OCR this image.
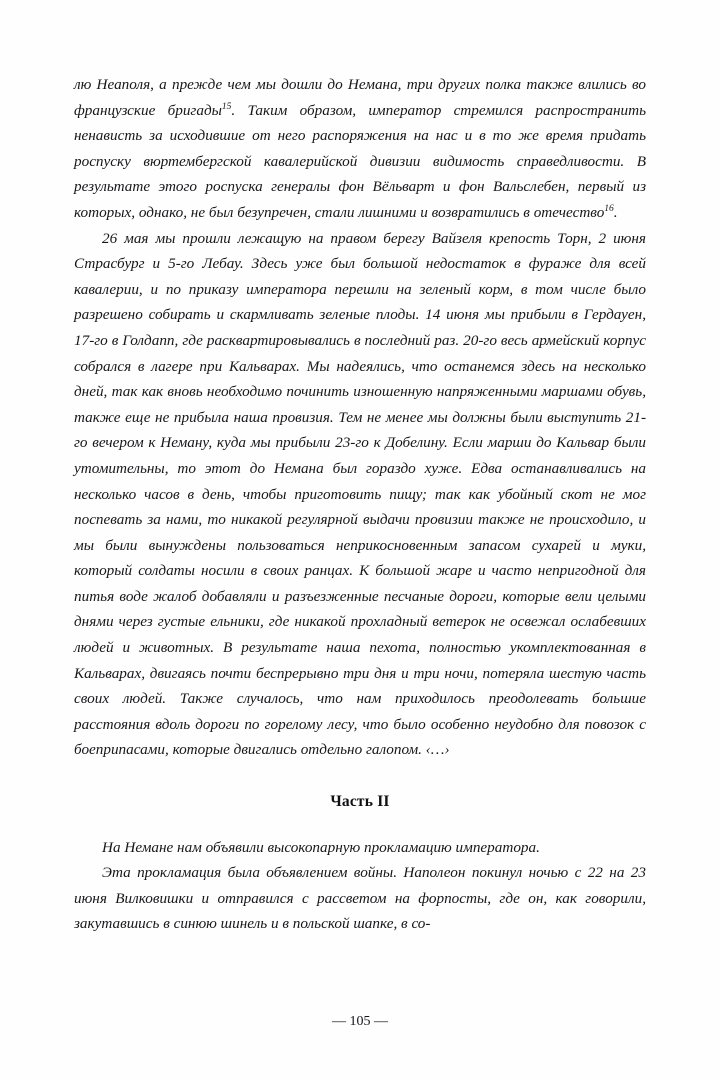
лю Неаполя, а прежде чем мы дошли до Немана, три других полка также влились во французские бригады$^{15}$. Таким образом, император стремился распространить ненависть за исходившие от него распоряжения на нас и в то же время придать роспуску вюртембергской кавалерийской дивизии видимость справедливости. В результате этого роспуска генералы фон Вёльварт и фон Вальслебен, первый из которых, однако, не был безупречен, стали лишними и возвратились в отечество$^{16}$.

26 мая мы прошли лежащую на правом берегу Вайзеля крепость Торн, 2 июня Страсбург и 5-го Лебау. Здесь уже был большой недостаток в фураже для всей кавалерии, и по приказу императора перешли на зеленый корм, в том числе было разрешено собирать и скармливать зеленые плоды. 14 июня мы прибыли в Гердауен, 17-го в Голдапп, где расквартировывались в последний раз. 20-го весь армейский корпус собрался в лагере при Кальварах. Мы надеялись, что останемся здесь на несколько дней, так как вновь необходимо починить изношенную напряженными маршами обувь, также еще не прибыла наша провизия. Тем не менее мы должны были выступить 21-го вечером к Неману, куда мы прибыли 23-го к Добелину. Если марши до Кальвар были утомительны, то этот до Немана был гораздо хуже. Едва останавливались на несколько часов в день, чтобы приготовить пищу; так как убойный скот не мог поспевать за нами, то никакой регулярной выдачи провизии также не происходило, и мы были вынуждены пользоваться неприкосновенным запасом сухарей и муки, который солдаты носили в своих ранцах. К большой жаре и часто непригодной для питья воде жалоб добавляли и разъезженные песчаные дороги, которые вели целыми днями через густые ельники, где никакой прохладный ветерок не освежал ослабевших людей и животных. В результате наша пехота, полностью укомплектованная в Кальварах, двигаясь почти беспрерывно три дня и три ночи, потеряла шестую часть своих людей. Также случалось, что нам приходилось преодолевать большие расстояния вдоль дороги по горелому лесу, что было особенно неудобно для повозок с боеприпасами, которые двигались отдельно галопом. ‹…›

Часть II

На Немане нам объявили высокопарную прокламацию императора.

Эта прокламация была объявлением войны. Наполеон покинул ночью с 22 на 23 июня Вилковишки и отправился с рассветом на форпосты, где он, как говорили, закутавшись в синюю шинель и в польской шапке, в со-

— 105 —
